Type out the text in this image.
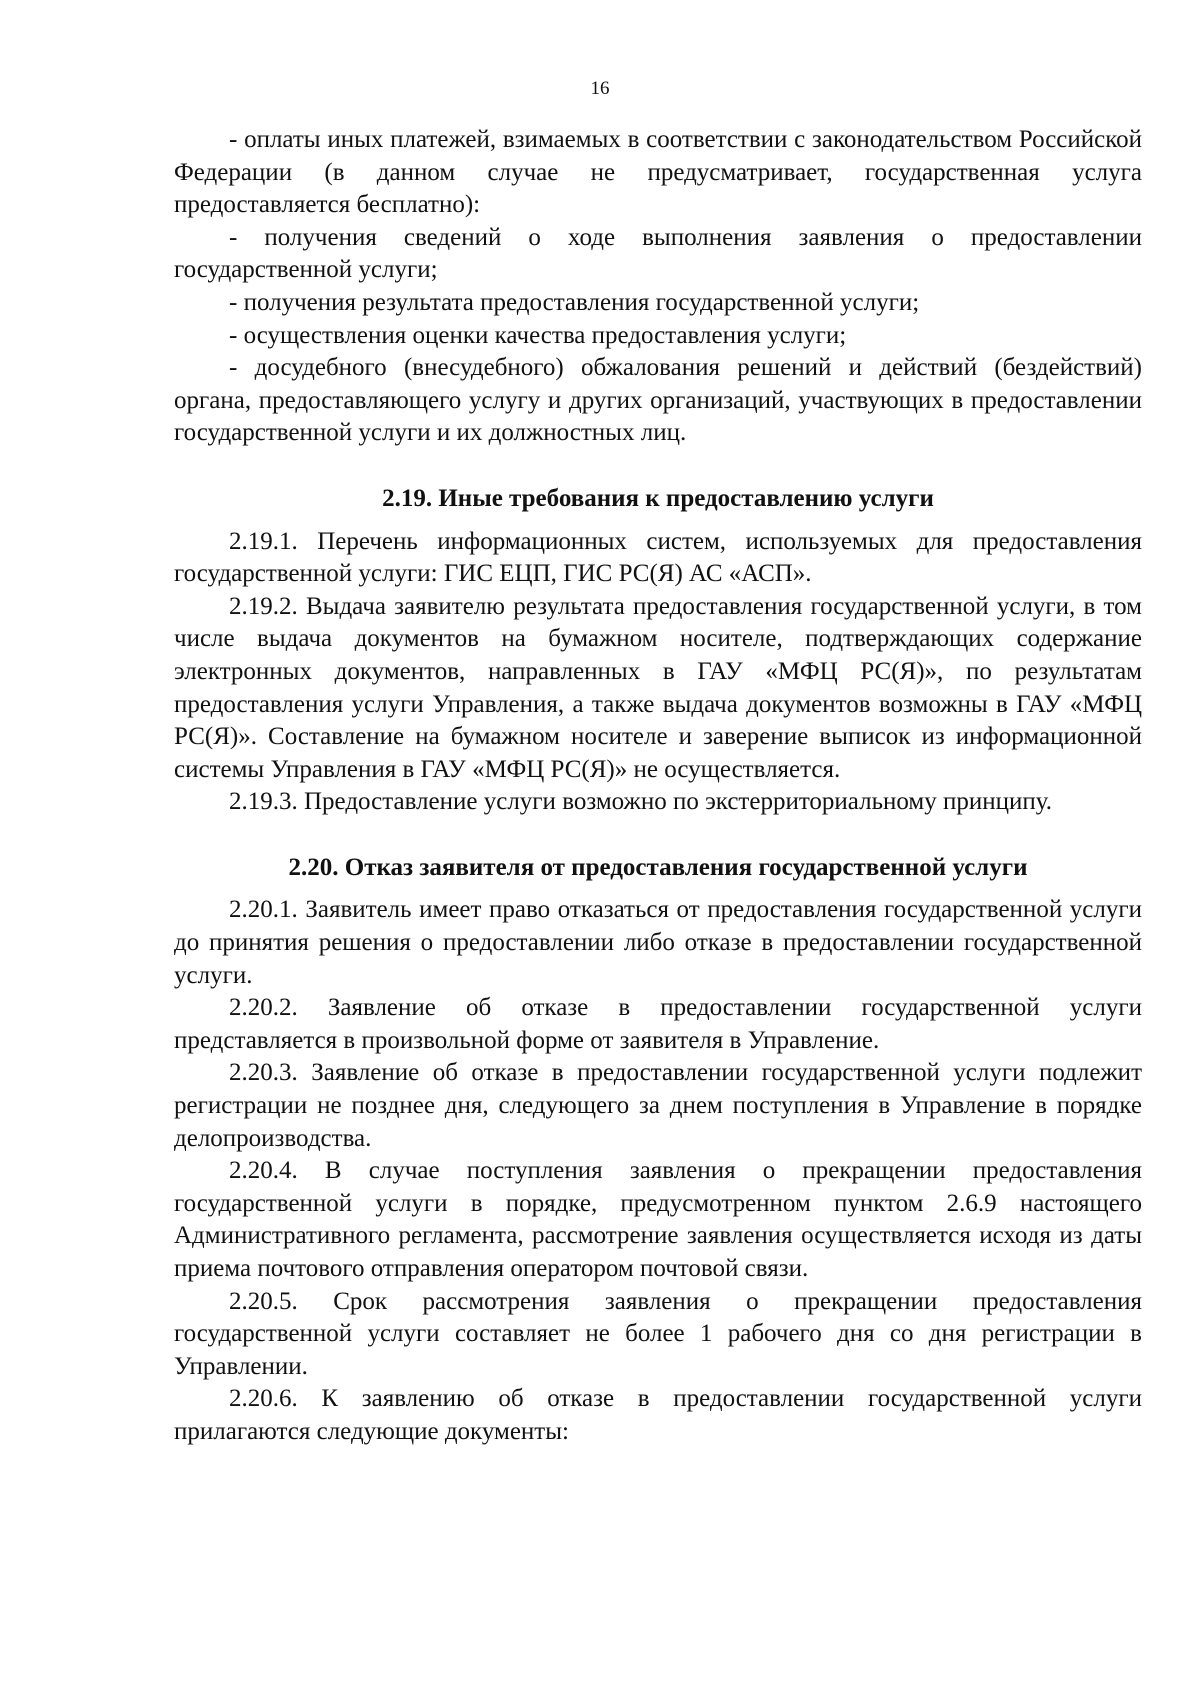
16

- оплаты иных платежей, взимаемых в соответствии с законодательством Российской Федерации (в данном случае не предусматривает, государственная услуга предоставляется бесплатно):

- получения сведений о ходе выполнения заявления о предоставлении государственной услуги;

- получения результата предоставления государственной услуги;

- осуществления оценки качества предоставления услуги;

- досудебного (внесудебного) обжалования решений и действий (бездействий) органа, предоставляющего услугу и других организаций, участвующих в предоставлении государственной услуги и их должностных лиц.

2.19. Иные требования к предоставлению услуги

2.19.1. Перечень информационных систем, используемых для предоставления государственной услуги: ГИС ЕЦП, ГИС РС(Я) АС «АСП».

2.19.2. Выдача заявителю результата предоставления государственной услуги, в том числе выдача документов на бумажном носителе, подтверждающих содержание электронных документов, направленных в ГАУ «МФЦ РС(Я)», по результатам предоставления услуги Управления, а также выдача документов возможны в ГАУ «МФЦ РС(Я)». Составление на бумажном носителе и заверение выписок из информационной системы Управления в ГАУ «МФЦ РС(Я)» не осуществляется.

2.19.3. Предоставление услуги возможно по экстерриториальному принципу.

2.20. Отказ заявителя от предоставления государственной услуги

2.20.1. Заявитель имеет право отказаться от предоставления государственной услуги до принятия решения о предоставлении либо отказе в предоставлении государственной услуги.

2.20.2. Заявление об отказе в предоставлении государственной услуги представляется в произвольной форме от заявителя в Управление.

2.20.3. Заявление об отказе в предоставлении государственной услуги подлежит регистрации не позднее дня, следующего за днем поступления в Управление в порядке делопроизводства.

2.20.4. В случае поступления заявления о прекращении предоставления государственной услуги в порядке, предусмотренном пунктом 2.6.9 настоящего Административного регламента, рассмотрение заявления осуществляется исходя из даты приема почтового отправления оператором почтовой связи.

2.20.5. Срок рассмотрения заявления о прекращении предоставления государственной услуги составляет не более 1 рабочего дня со дня регистрации в Управлении.

2.20.6. К заявлению об отказе в предоставлении государственной услуги прилагаются следующие документы:
